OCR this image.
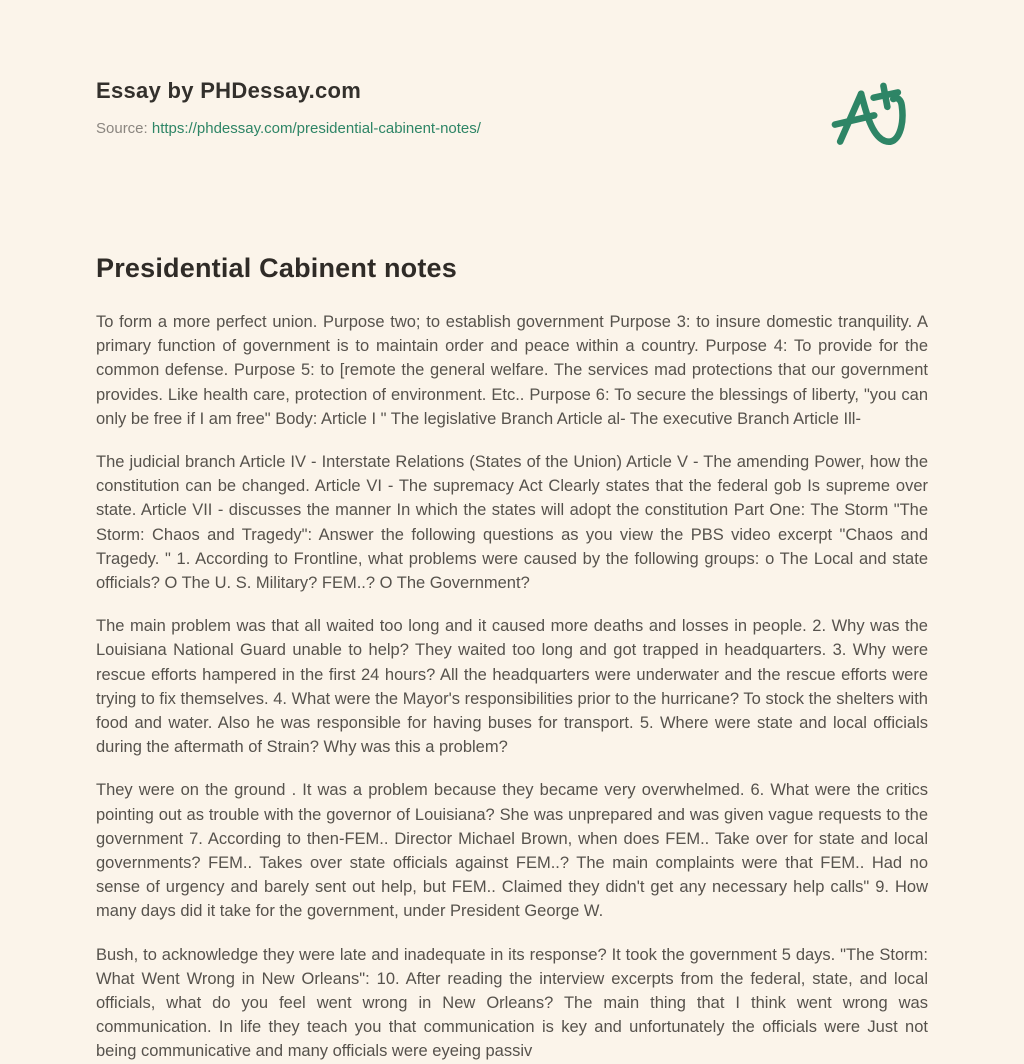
Essay by PHDessay.com

Source: https://phdessay.com/presidential-cabinent-notes/

Presidential Cabinent notes

To form a more perfect union. Purpose two; to establish government Purpose 3: to insure domestic tranquility. A primary function of government is to maintain order and peace within a country. Purpose 4: To provide for the common defense. Purpose 5: to [remote the general welfare. The services mad protections that our government provides. Like health care, protection of environment. Etc.. Purpose 6: To secure the blessings of liberty, "you can only be free if I am free" Body: Article I " The legislative Branch Article al- The executive Branch Article Ill-

The judicial branch Article IV - Interstate Relations (States of the Union) Article V - The amending Power, how the constitution can be changed. Article VI - The supremacy Act Clearly states that the federal gob Is supreme over state. Article VII - discusses the manner In which the states will adopt the constitution Part One: The Storm "The Storm: Chaos and Tragedy": Answer the following questions as you view the PBS video excerpt "Chaos and Tragedy. " 1. According to Frontline, what problems were caused by the following groups: o The Local and state officials? O The U. S. Military? FEM..? O The Government?

The main problem was that all waited too long and it caused more deaths and losses in people. 2. Why was the Louisiana National Guard unable to help? They waited too long and got trapped in headquarters. 3. Why were rescue efforts hampered in the first 24 hours? All the headquarters were underwater and the rescue efforts were trying to fix themselves. 4. What were the Mayor's responsibilities prior to the hurricane? To stock the shelters with food and water. Also he was responsible for having buses for transport. 5. Where were state and local officials during the aftermath of Strain? Why was this a problem?

They were on the ground . It was a problem because they became very overwhelmed. 6. What were the critics pointing out as trouble with the governor of Louisiana? She was unprepared and was given vague requests to the government 7. According to then-FEM.. Director Michael Brown, when does FEM.. Take over for state and local governments? FEM.. Takes over state officials against FEM..? The main complaints were that FEM.. Had no sense of urgency and barely sent out help, but FEM.. Claimed they didn't get any necessary help calls" 9. How many days did it take for the government, under President George W.

Bush, to acknowledge they were late and inadequate in its response? It took the government 5 days. "The Storm: What Went Wrong in New Orleans": 10. After reading the interview excerpts from the federal, state, and local officials, what do you feel went wrong in New Orleans? The main thing that I think went wrong was communication. In life they teach you that communication is key and unfortunately the officials were Just not being communicative and many officials were eyeing passiv
